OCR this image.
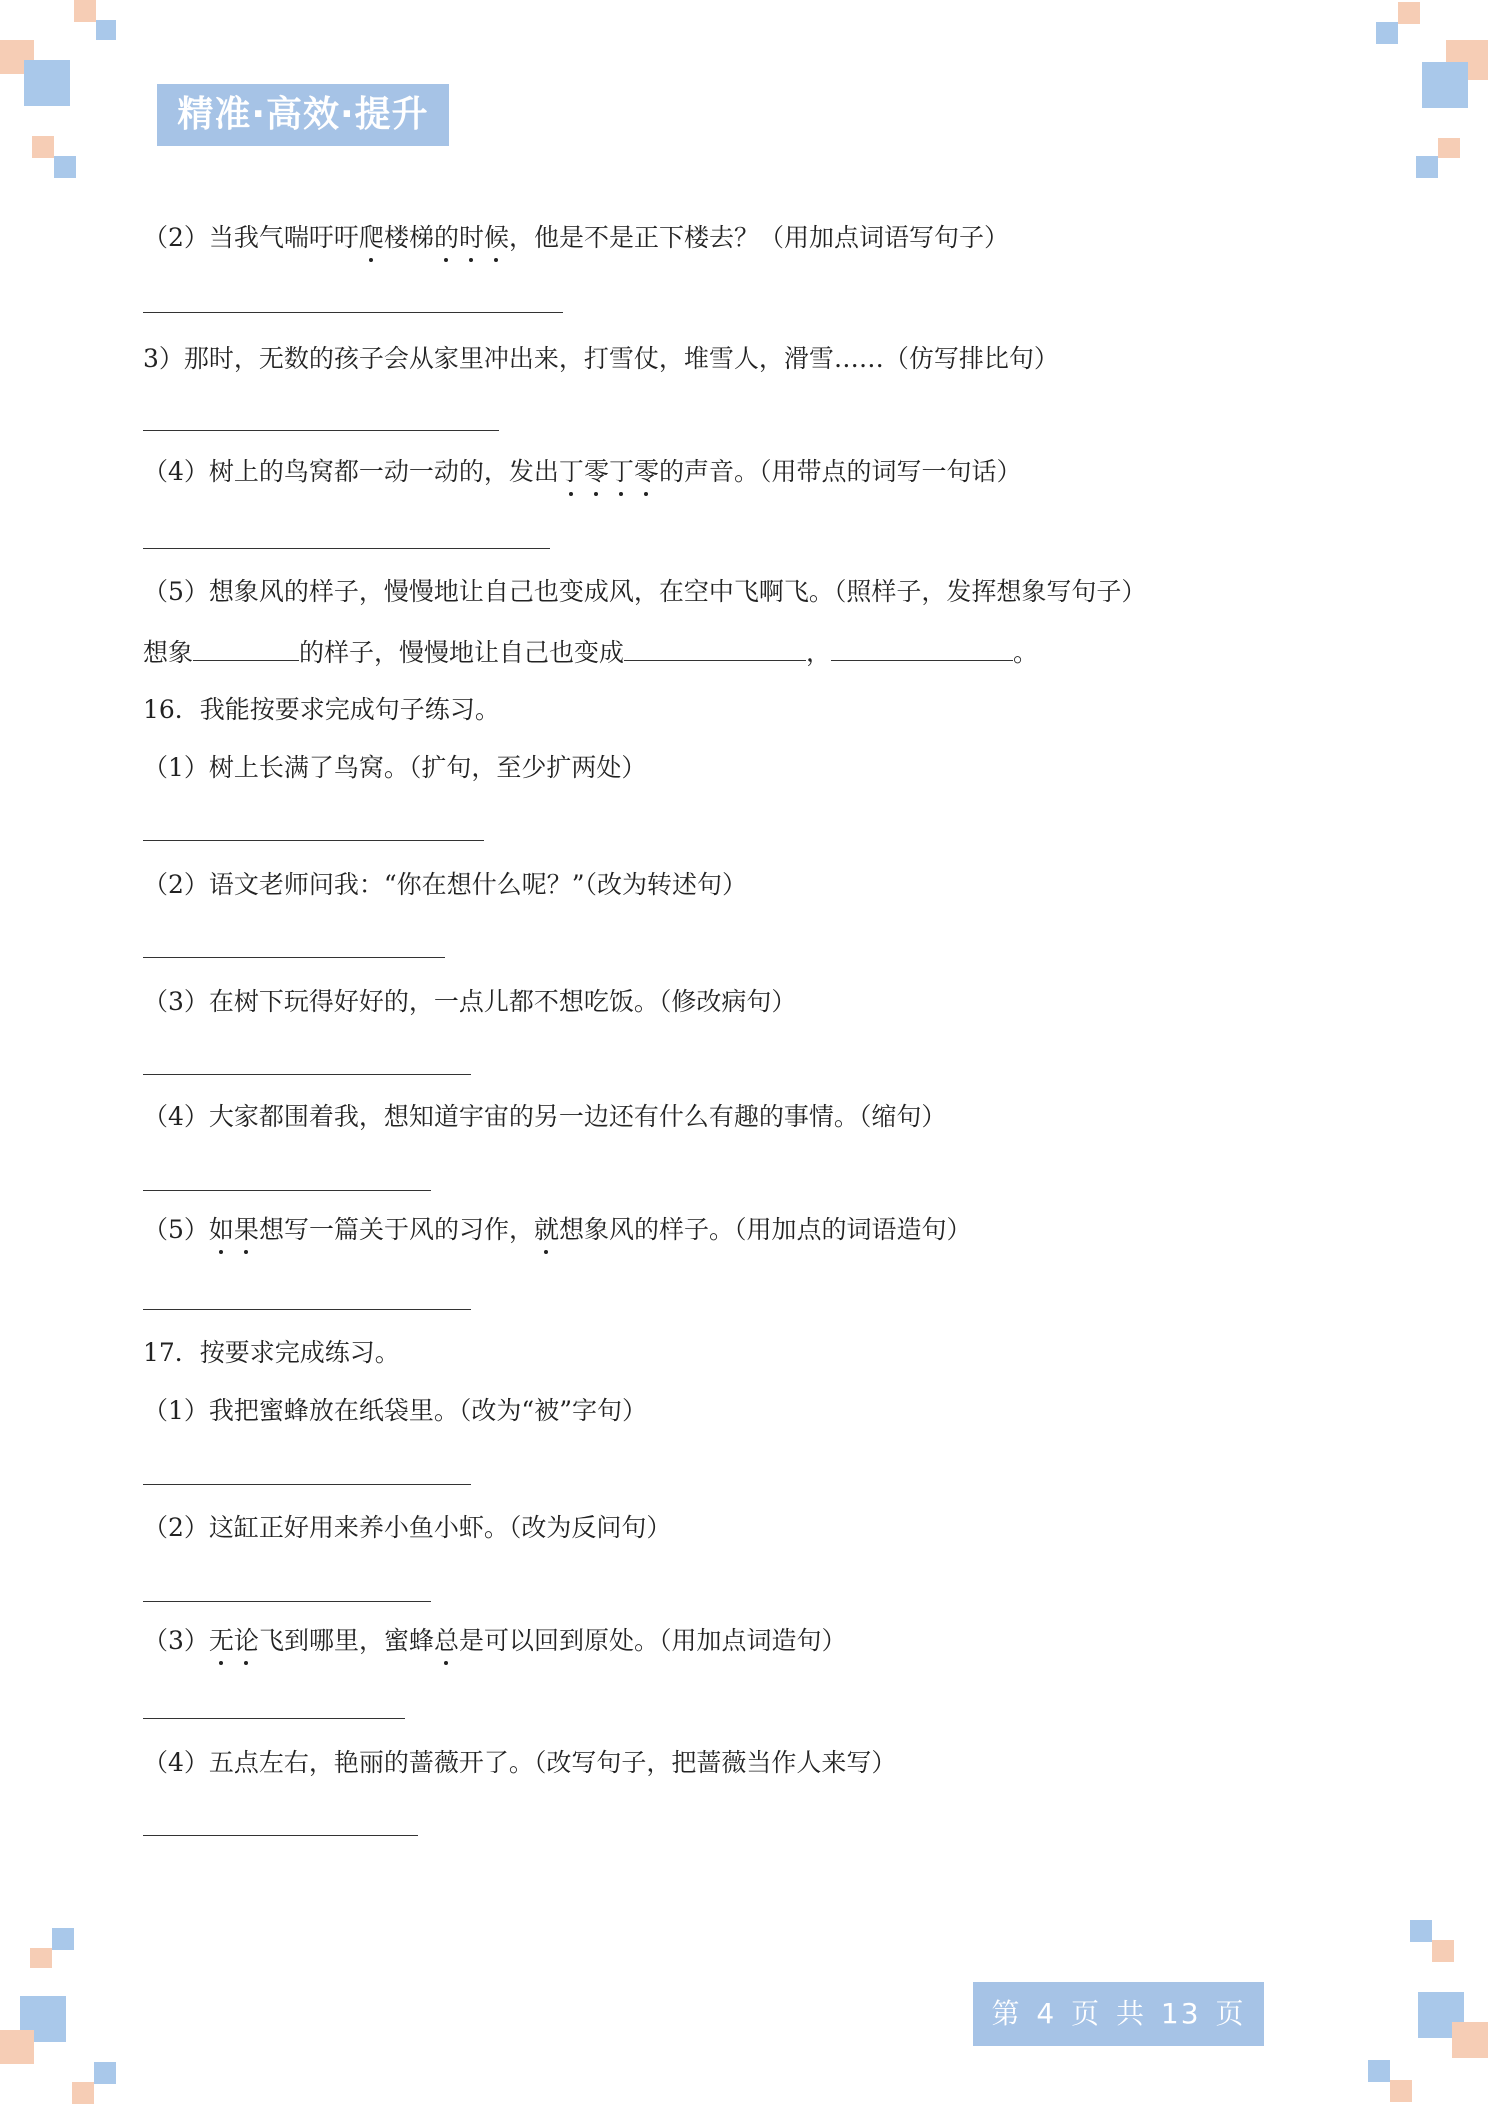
精准·高效·提升
（2）当我气喘吁吁爬楼梯的时候，他是不是正下楼去？（用加点词语写句子）
3）那时，无数的孩子会从家里冲出来，打雪仗，堆雪人，滑雪……（仿写排比句）
（4）树上的鸟窝都一动一动的，发出丁零丁零的声音。（用带点的词写一句话）
（5）想象风的样子，慢慢地让自己也变成风，在空中飞啊飞。（照样子，发挥想象写句子）
想象	的样子，慢慢地让自己也变成	，	。
16．我能按要求完成句子练习。
（1）树上长满了鸟窝。（扩句，至少扩两处）
（2）语文老师问我：“你在想什么呢？”（改为转述句）
（3）在树下玩得好好的，一点儿都不想吃饭。（修改病句）
（4）大家都围着我，想知道宇宙的另一边还有什么有趣的事情。（缩句）
（5）如果想写一篇关于风的习作，就想象风的样子。（用加点的词语造句）
17．按要求完成练习。
（1）我把蜜蜂放在纸袋里。（改为“被”字句）
（2）这缸正好用来养小鱼小虾。（改为反问句）
（3）无论飞到哪里，蜜蜂总是可以回到原处。（用加点词造句）
（4）五点左右，艳丽的蔷薇开了。（改写句子，把蔷薇当作人来写）
第 4 页 共 13 页
